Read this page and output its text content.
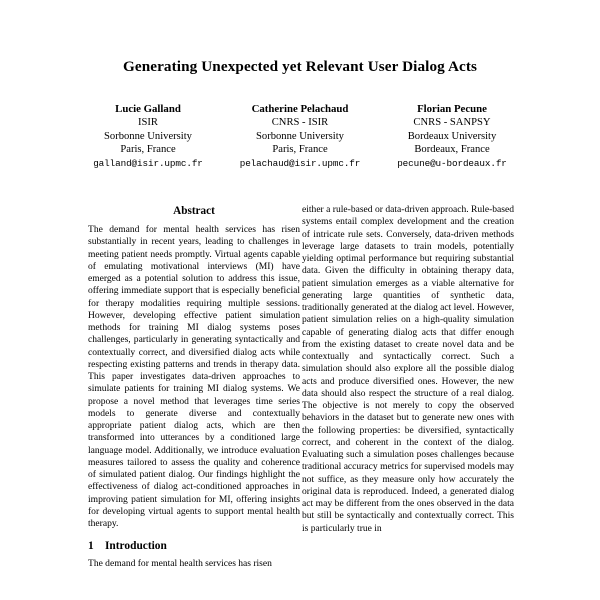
Generating Unexpected yet Relevant User Dialog Acts
Lucie Galland
ISIR
Sorbonne University
Paris, France
galland@isir.upmc.fr
Catherine Pelachaud
CNRS - ISIR
Sorbonne University
Paris, France
pelachaud@isir.upmc.fr
Florian Pecune
CNRS - SANPSY
Bordeaux University
Bordeaux, France
pecune@u-bordeaux.fr
Abstract

The demand for mental health services has risen substantially in recent years, leading to challenges in meeting patient needs promptly. Virtual agents capable of emulating motivational interviews (MI) have emerged as a potential solution to address this issue, offering immediate support that is especially beneficial for therapy modalities requiring multiple sessions. However, developing effective patient simulation methods for training MI dialog systems poses challenges, particularly in generating syntactically and contextually correct, and diversified dialog acts while respecting existing patterns and trends in therapy data. This paper investigates data-driven approaches to simulate patients for training MI dialog systems. We propose a novel method that leverages time series models to generate diverse and contextually appropriate patient dialog acts, which are then transformed into utterances by a conditioned large language model. Additionally, we introduce evaluation measures tailored to assess the quality and coherence of simulated patient dialog. Our findings highlight the effectiveness of dialog act-conditioned approaches in improving patient simulation for MI, offering insights for developing virtual agents to support mental health therapy.

1 Introduction

The demand for mental health services has risen

either a rule-based or data-driven approach. Rule-based systems entail complex development and the creation of intricate rule sets. Conversely, data-driven methods leverage large datasets to train models, potentially yielding optimal performance but requiring substantial data. Given the difficulty in obtaining therapy data, patient simulation emerges as a viable alternative for generating large quantities of synthetic data, traditionally generated at the dialog act level. However, patient simulation relies on a high-quality simulation capable of generating dialog acts that differ enough from the existing dataset to create novel data and be contextually and syntactically correct. Such a simulation should also explore all the possible dialog acts and produce diversified ones. However, the new data should also respect the structure of a real dialog. The objective is not merely to copy the observed behaviors in the dataset but to generate new ones with the following properties: be diversified, syntactically correct, and coherent in the context of the dialog. Evaluating such a simulation poses challenges because traditional accuracy metrics for supervised models may not suffice, as they measure only how accurately the original data is reproduced. Indeed, a generated dialog act may be different from the ones observed in the data but still be syntactically and contextually correct. This is particularly true in
